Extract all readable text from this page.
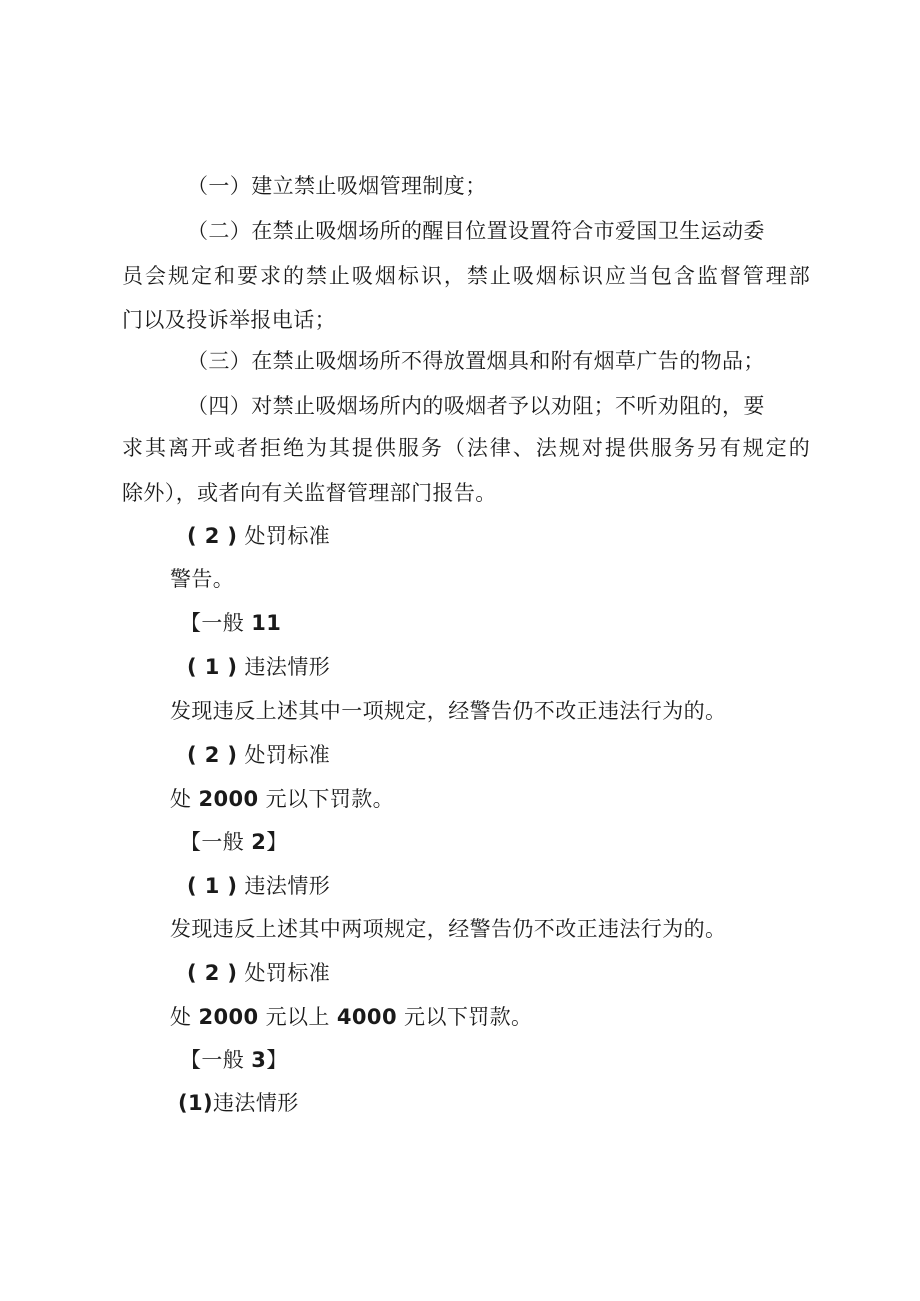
（一）建立禁止吸烟管理制度；
（二）在禁止吸烟场所的醒目位置设置符合市爱国卫生运动委
员会规定和要求的禁止吸烟标识，禁止吸烟标识应当包含监督管理部
门以及投诉举报电话；
（三）在禁止吸烟场所不得放置烟具和附有烟草广告的物品；
（四）对禁止吸烟场所内的吸烟者予以劝阻；不听劝阻的，要
求其离开或者拒绝为其提供服务（法律、法规对提供服务另有规定的
除外），或者向有关监督管理部门报告。
( 2 ) 处罚标准
警告。
【一般 11
( 1 ) 违法情形
发现违反上述其中一项规定，经警告仍不改正违法行为的。
( 2 ) 处罚标准
处 2000 元以下罚款。
【一般 2】
( 1 ) 违法情形
发现违反上述其中两项规定，经警告仍不改正违法行为的。
( 2 ) 处罚标准
处 2000 元以上 4000 元以下罚款。
【一般 3】
(1)违法情形
